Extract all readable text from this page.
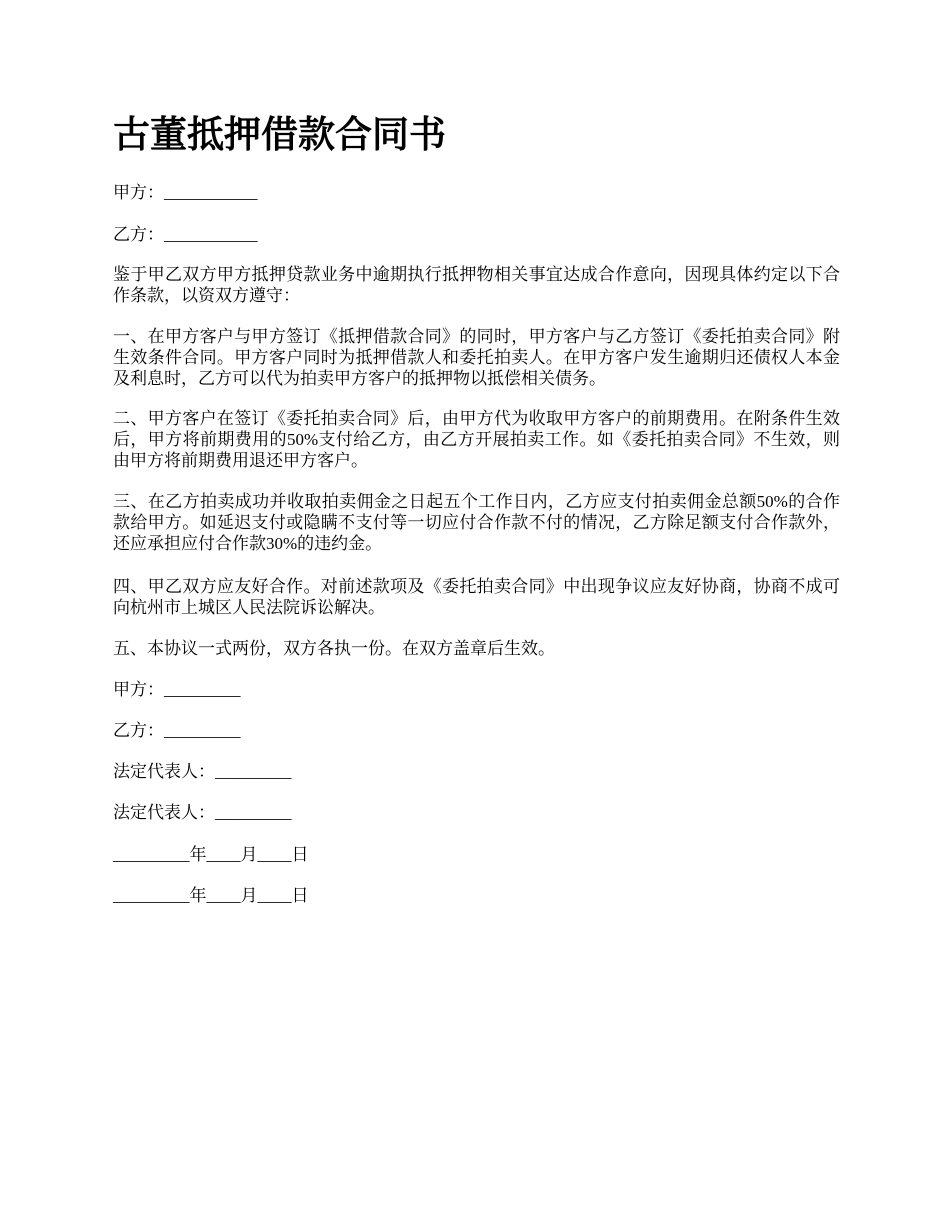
古董抵押借款合同书

甲方：___________

乙方：___________

鉴于甲乙双方甲方抵押贷款业务中逾期执行抵押物相关事宜达成合作意向，因现具体约定以下合作条款，以资双方遵守：

一、在甲方客户与甲方签订《抵押借款合同》的同时，甲方客户与乙方签订《委托拍卖合同》附生效条件合同。甲方客户同时为抵押借款人和委托拍卖人。在甲方客户发生逾期归还债权人本金及利息时，乙方可以代为拍卖甲方客户的抵押物以抵偿相关债务。

二、甲方客户在签订《委托拍卖合同》后，由甲方代为收取甲方客户的前期费用。在附条件生效后，甲方将前期费用的50%支付给乙方，由乙方开展拍卖工作。如《委托拍卖合同》不生效，则由甲方将前期费用退还甲方客户。

三、在乙方拍卖成功并收取拍卖佣金之日起五个工作日内，乙方应支付拍卖佣金总额50%的合作款给甲方。如延迟支付或隐瞒不支付等一切应付合作款不付的情况，乙方除足额支付合作款外，还应承担应付合作款30%的违约金。

四、甲乙双方应友好合作。对前述款项及《委托拍卖合同》中出现争议应友好协商，协商不成可向杭州市上城区人民法院诉讼解决。

五、本协议一式两份，双方各执一份。在双方盖章后生效。

甲方：_________

乙方：_________

法定代表人：_________

法定代表人：_________

_________年____月____日

_________年____月____日
